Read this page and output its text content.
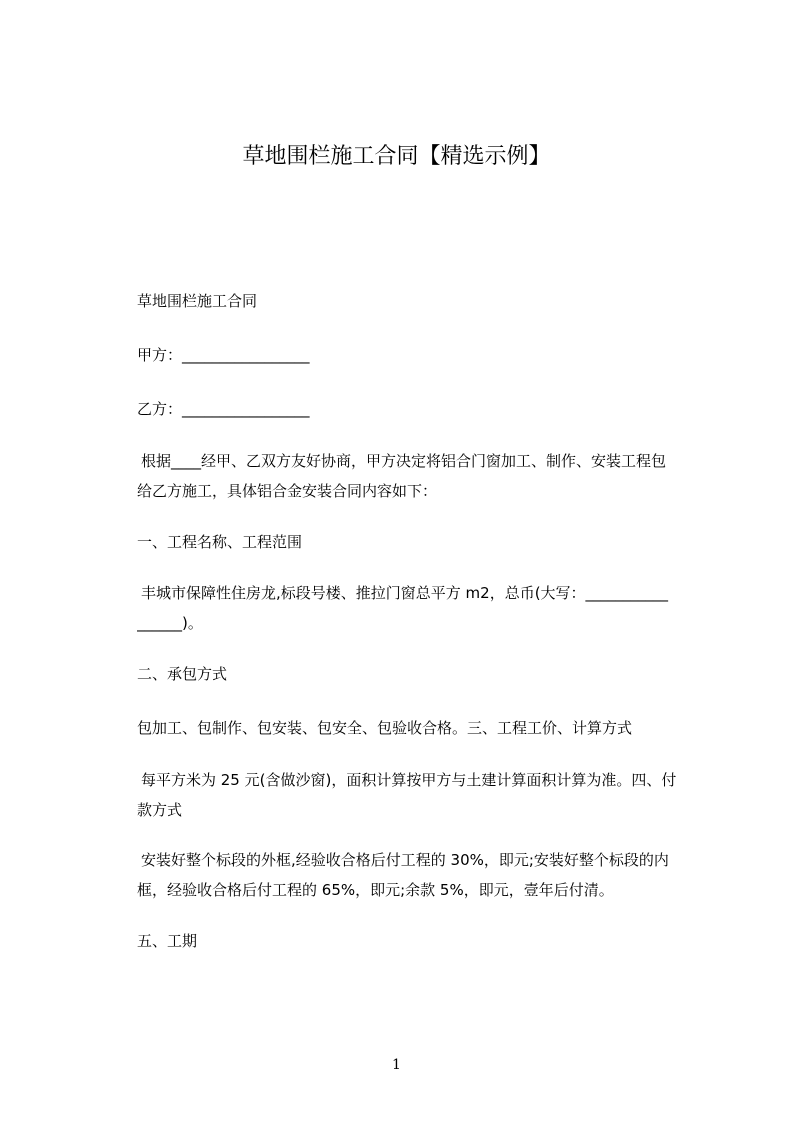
草地围栏施工合同【精选示例】
草地围栏施工合同
甲方：_________________
乙方：_________________
根据____经甲、乙双方友好协商，甲方决定将铝合门窗加工、制作、安装工程包
给乙方施工，具体铝合金安装合同内容如下：
一、工程名称、工程范围
丰城市保障性住房龙,标段号楼、推拉门窗总平方 m2，总币(大写：___________
______)。
二、承包方式
包加工、包制作、包安装、包安全、包验收合格。三、工程工价、计算方式
每平方米为 25 元(含做沙窗)，面积计算按甲方与土建计算面积计算为准。四、付
款方式
安装好整个标段的外框,经验收合格后付工程的 30%，即元;安装好整个标段的内
框，经验收合格后付工程的 65%，即元;余款 5%，即元，壹年后付清。
五、工期
1
